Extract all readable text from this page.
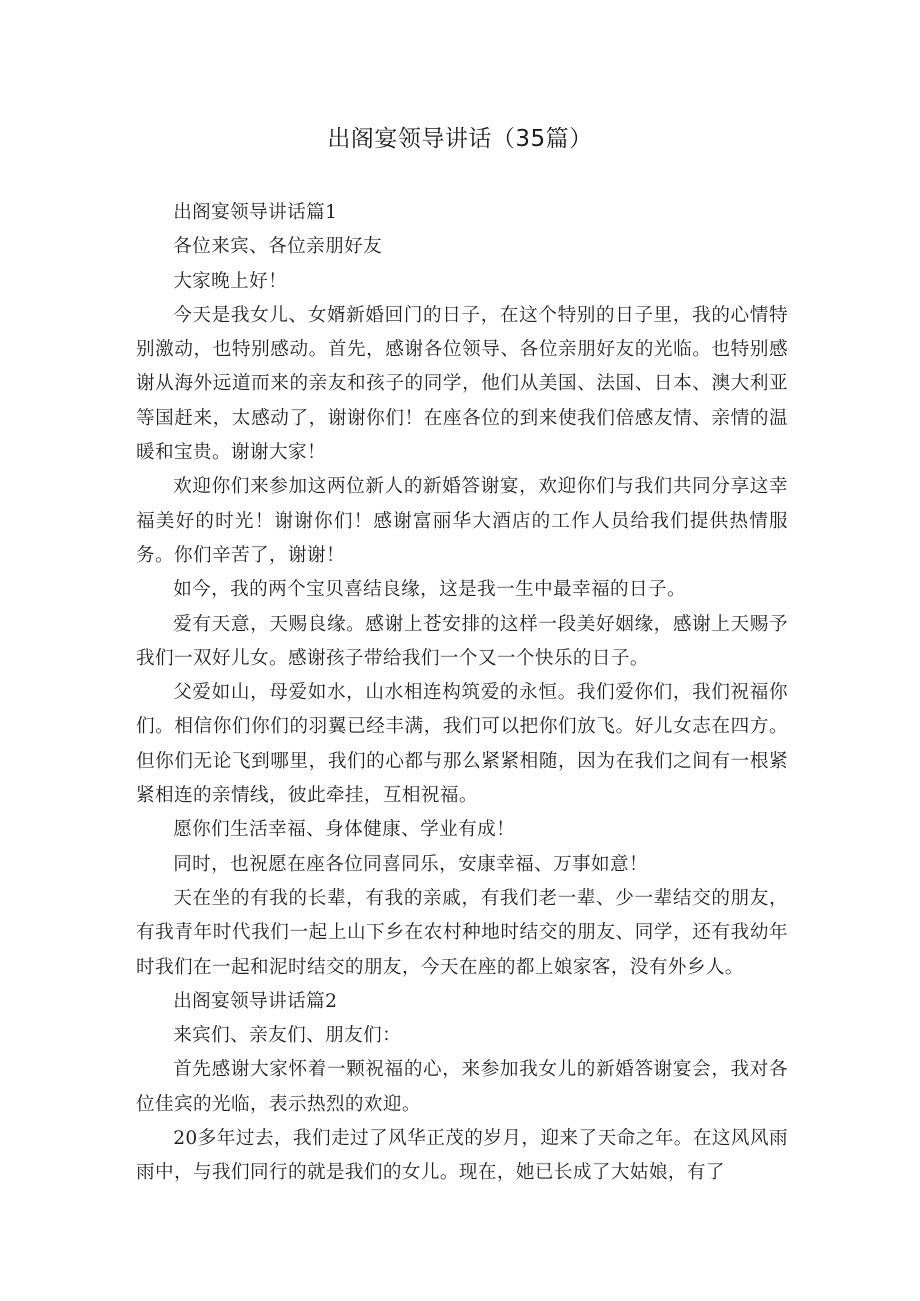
出阁宴领导讲话（35篇）

出阁宴领导讲话篇1

各位来宾、各位亲朋好友

大家晚上好！

今天是我女儿、女婿新婚回门的日子，在这个特别的日子里，我的心情特别激动，也特别感动。首先，感谢各位领导、各位亲朋好友的光临。也特别感谢从海外远道而来的亲友和孩子的同学，他们从美国、法国、日本、澳大利亚等国赶来，太感动了，谢谢你们！在座各位的到来使我们倍感友情、亲情的温暖和宝贵。谢谢大家！

欢迎你们来参加这两位新人的新婚答谢宴，欢迎你们与我们共同分享这幸福美好的时光！谢谢你们！感谢富丽华大酒店的工作人员给我们提供热情服务。你们辛苦了，谢谢！

如今，我的两个宝贝喜结良缘，这是我一生中最幸福的日子。

爱有天意，天赐良缘。感谢上苍安排的这样一段美好姻缘，感谢上天赐予我们一双好儿女。感谢孩子带给我们一个又一个快乐的日子。

父爱如山，母爱如水，山水相连构筑爱的永恒。我们爱你们，我们祝福你们。相信你们你们的羽翼已经丰满，我们可以把你们放飞。好儿女志在四方。但你们无论飞到哪里，我们的心都与那么紧紧相随，因为在我们之间有一根紧紧相连的亲情线，彼此牵挂，互相祝福。

愿你们生活幸福、身体健康、学业有成！

同时，也祝愿在座各位同喜同乐，安康幸福、万事如意！

天在坐的有我的长辈，有我的亲戚，有我们老一辈、少一辈结交的朋友，有我青年时代我们一起上山下乡在农村种地时结交的朋友、同学，还有我幼年时我们在一起和泥时结交的朋友，今天在座的都上娘家客，没有外乡人。

出阁宴领导讲话篇2

来宾们、亲友们、朋友们：

首先感谢大家怀着一颗祝福的心，来参加我女儿的新婚答谢宴会，我对各位佳宾的光临，表示热烈的欢迎。

20多年过去，我们走过了风华正茂的岁月，迎来了天命之年。在这风风雨雨中，与我们同行的就是我们的女儿。现在，她已长成了大姑娘，有了
